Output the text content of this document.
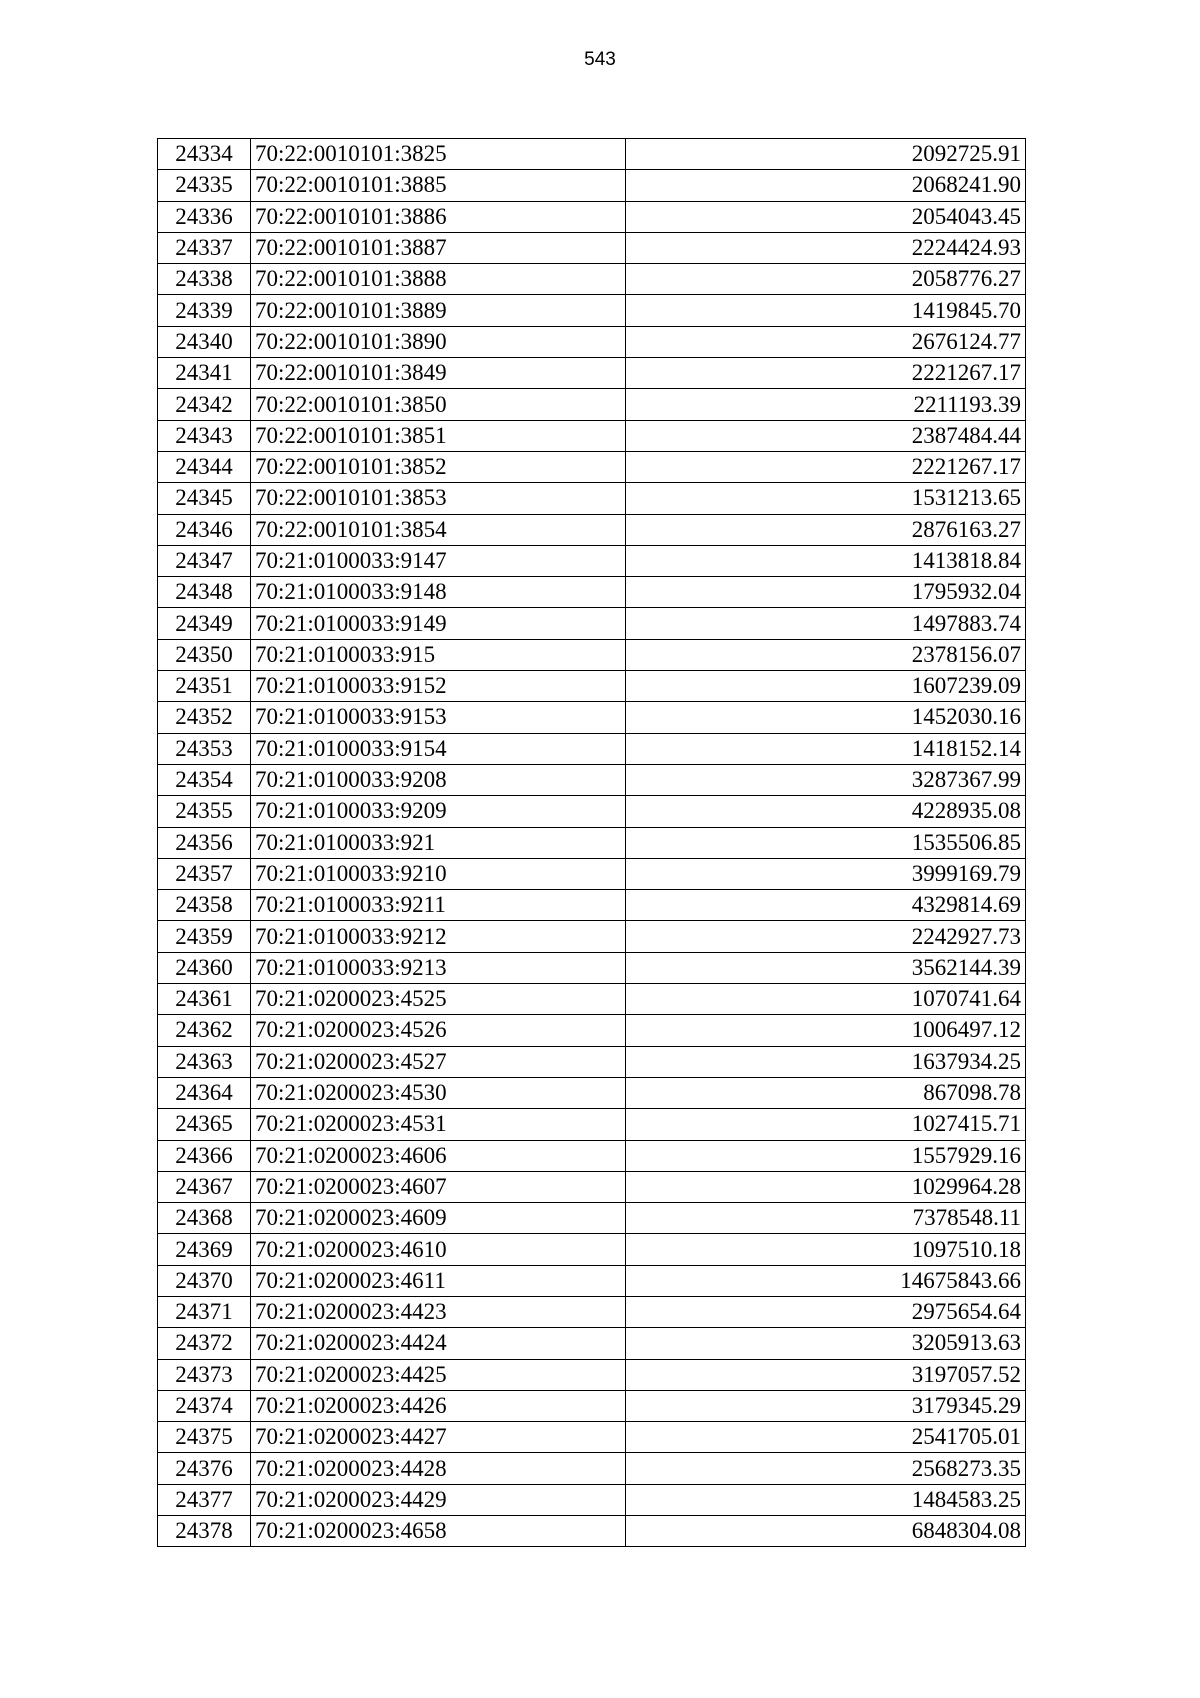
543
24334	70:22:0010101:3825	2092725.91
24335	70:22:0010101:3885	2068241.90
24336	70:22:0010101:3886	2054043.45
24337	70:22:0010101:3887	2224424.93
24338	70:22:0010101:3888	2058776.27
24339	70:22:0010101:3889	1419845.70
24340	70:22:0010101:3890	2676124.77
24341	70:22:0010101:3849	2221267.17
24342	70:22:0010101:3850	2211193.39
24343	70:22:0010101:3851	2387484.44
24344	70:22:0010101:3852	2221267.17
24345	70:22:0010101:3853	1531213.65
24346	70:22:0010101:3854	2876163.27
24347	70:21:0100033:9147	1413818.84
24348	70:21:0100033:9148	1795932.04
24349	70:21:0100033:9149	1497883.74
24350	70:21:0100033:915	2378156.07
24351	70:21:0100033:9152	1607239.09
24352	70:21:0100033:9153	1452030.16
24353	70:21:0100033:9154	1418152.14
24354	70:21:0100033:9208	3287367.99
24355	70:21:0100033:9209	4228935.08
24356	70:21:0100033:921	1535506.85
24357	70:21:0100033:9210	3999169.79
24358	70:21:0100033:9211	4329814.69
24359	70:21:0100033:9212	2242927.73
24360	70:21:0100033:9213	3562144.39
24361	70:21:0200023:4525	1070741.64
24362	70:21:0200023:4526	1006497.12
24363	70:21:0200023:4527	1637934.25
24364	70:21:0200023:4530	867098.78
24365	70:21:0200023:4531	1027415.71
24366	70:21:0200023:4606	1557929.16
24367	70:21:0200023:4607	1029964.28
24368	70:21:0200023:4609	7378548.11
24369	70:21:0200023:4610	1097510.18
24370	70:21:0200023:4611	14675843.66
24371	70:21:0200023:4423	2975654.64
24372	70:21:0200023:4424	3205913.63
24373	70:21:0200023:4425	3197057.52
24374	70:21:0200023:4426	3179345.29
24375	70:21:0200023:4427	2541705.01
24376	70:21:0200023:4428	2568273.35
24377	70:21:0200023:4429	1484583.25
24378	70:21:0200023:4658	6848304.08
